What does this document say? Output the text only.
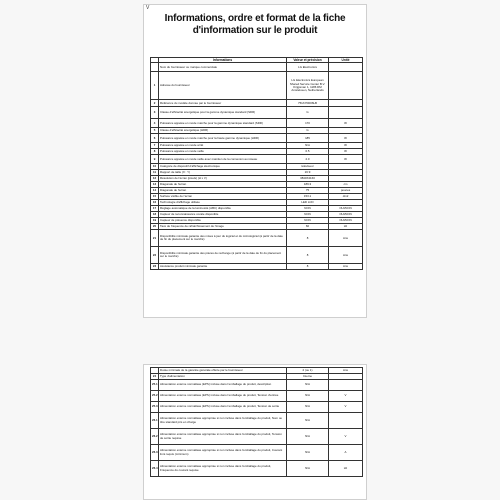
V
Informations, ordre et format de la fiche
d'information sur le produit
	Informations	Valeur et précision	Unité
	Nom du fournisseur ou marque commerciale	LG Electronics	
1	Adresse du fournisseur	LG Electronics European Shared Service Center B.V. Krijgsman 1, 1186 DM Amstelveen, Netherlands	
2	Référence du modèle donnée par le fournisseur	75UN70006LB	
3	Classe d'efficacité énergétique pour la gamme dynamique standard (SDR)	G	
4	Puissance appelée en mode marche pour la gamme dynamique standard (SDR)	170	W
5	Classe d'efficacité énergétique (HDR)	G	
6	Puissance appelée en mode marche pour la haute gamme dynamique (HDR)	185	W
7	Puissance appelée en mode arrêt	N/A	W
8	Puissance appelée en mode veille	0.5	W
9	Puissance appelée en mode veille avec maintien de la connexion au réseau	2.0	W
10	Catégorie de dispositif d'affichage électronique	téléviseur	
11	Rapport de taille (X : Y)	16:9	
12	Résolution de l'écran (pixels) (H x V)	3840X2160	
13	Diagonale de l'écran	189.3	cm
14	Diagonale de l'écran	75	pouces
15	Surface visible de l'écran	153.1	dm2
16	Technologie d'affichage utilisée	LED LCD	
17	Réglage automatique de la luminosité (ABC) disponible	NON	OUI/NON
18	Capteur de reconnaissance vocale disponible	NON	OUI/NON
19	Capteur de présence disponible	NON	OUI/NON
20	Taux de fréquence de rafraîchissement de l'image	60	Hz
21	Disponibilité minimale garantie des mises à jour du logiciel et du micrologiciel (à partir de la date de fin du placement sur le marché)	8	Ans
22	Disponibilité minimale garantie des pièces de rechange (à partir de la date de fin du placement sur le marché)	8	Ans
23	Assistance produit minimale garantie	8	Ans
	Durée minimale de la garantie générale offerte par le fournisseur	2 (ou 1)	Ans
24	Type d'alimentation	Interne	
25.1	Alimentation externe normalisée (EPS) incluse dans l'emballage du produit, description	N/A	
25.2	Alimentation externe normalisée (EPS) incluse dans l'emballage du produit, Tension d'entrée	N/A	V
25.3	Alimentation externe normalisée (EPS) incluse dans l'emballage du produit, Tension de sortie	N/A	V
26.1	Alimentation externe normalisée appropriée si non incluse dans l'emballage du produit, Nom ou titre standard pris en charge	N/A	
26.2	Alimentation externe normalisée appropriée si non incluse dans l'emballage du produit, Tension de sortie requise	N/A	V
26.3	Alimentation externe normalisée appropriée si non incluse dans l'emballage du produit, Courant livré requis (minimum)	N/A	A
26.4	Alimentation externe normalisée appropriée si non incluse dans l'emballage du produit, Fréquence du courant requise	N/A	Hz
